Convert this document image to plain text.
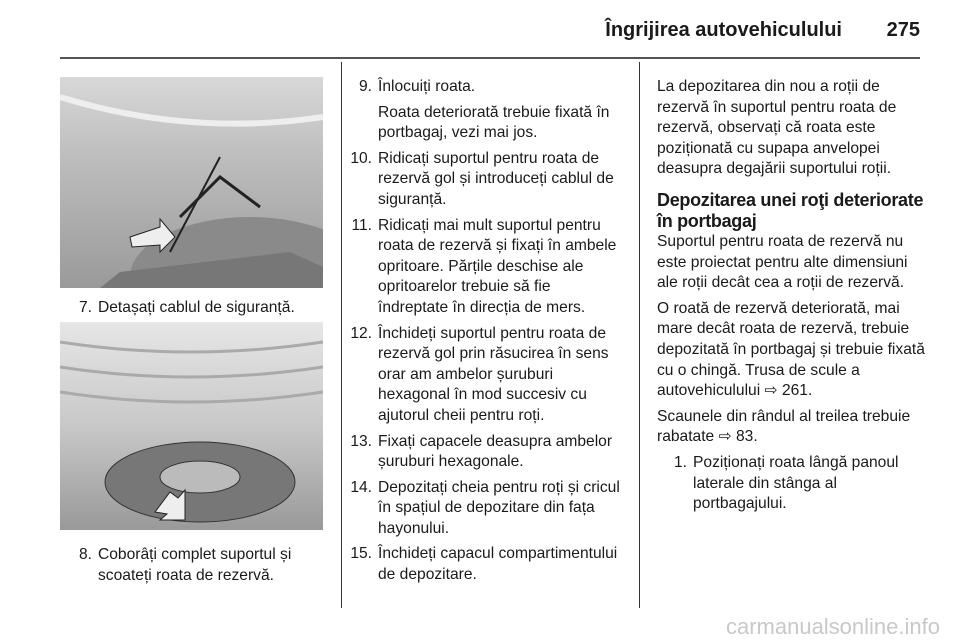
Îngrijirea autovehiculului 275
7. Detașați cablul de siguranță.
8. Coborâți complet suportul și scoateți roata de rezervă.
9. Înlocuiți roata.
Roata deteriorată trebuie fixată în portbagaj, vezi mai jos.
10. Ridicați suportul pentru roata de rezervă gol și introduceți cablul de siguranță.
11. Ridicați mai mult suportul pentru roata de rezervă și fixați în ambele opritoare. Părțile deschise ale opritoarelor trebuie să fie îndreptate în direcția de mers.
12. Închideți suportul pentru roata de rezervă gol prin răsucirea în sens orar am ambelor șuruburi hexagonal în mod succesiv cu ajutorul cheii pentru roți.
13. Fixați capacele deasupra ambelor șuruburi hexagonale.
14. Depozitați cheia pentru roți și cricul în spațiul de depozitare din fața hayonului.
15. Închideți capacul compartimentului de depozitare.
La depozitarea din nou a roții de rezervă în suportul pentru roata de rezervă, observați că roata este poziționată cu supapa anvelopei deasupra degajării suportului roții.
Depozitarea unei roţi deteriorate în portbagaj
Suportul pentru roata de rezervă nu este proiectat pentru alte dimensiuni ale roții decât cea a roții de rezervă.
O roată de rezervă deteriorată, mai mare decât roata de rezervă, trebuie depozitată în portbagaj și trebuie fixată cu o chingă. Trusa de scule a autovehiculului ⇨ 261.
Scaunele din rândul al treilea trebuie rabatate ⇨ 83.
1. Poziționați roata lângă panoul laterale din stânga al portbagajului.
carmanualsonline.info
